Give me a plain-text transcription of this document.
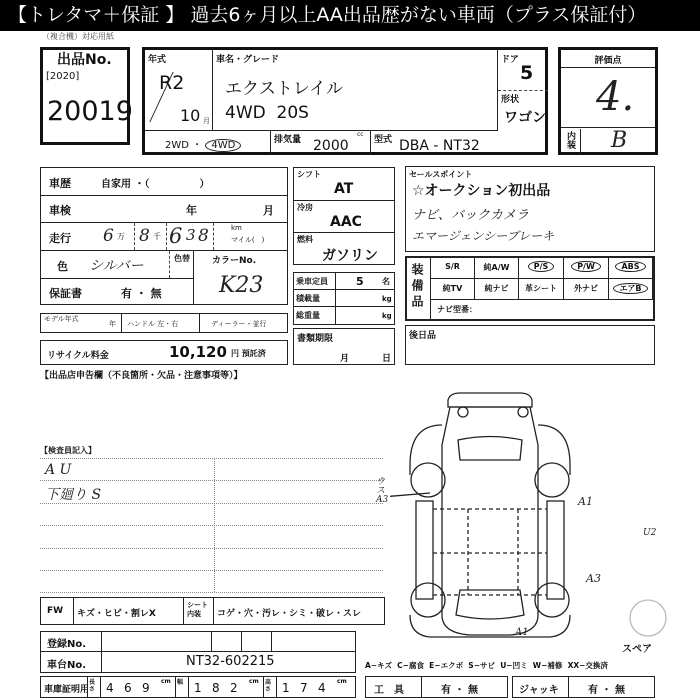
【トレタマ＋保証 】 過去6ヶ月以上AA出品歴がない車両（プラス保証付）
（複合機）対応用紙
出品No.
[2020]
20019
年式
R2
10 月
車名・グレード
エクストレイル
4WD  20S
ドア
5
形状
ワゴン
2WD ・ 4WD	排気量
cc
2000	型式 DBA - NT32
評価点
4.
内装 B
車歴	自家用 ・（　　　　　）
車検	年	月
走行 6 万 8 千 6 3 8	km
マイル(　)
色 シルバー	色替	カラーNo.
K23
保証書	有 ・ 無
モデル年式
年 ハンドル 左・右	ディーラー・並行
リサイクル料金	10,120 円 預託済
シフト
AT
冷房
AAC
燃料
ガソリン
乗車定員	5 名
積載量	kg
総重量	kg
書類期限
月	日
セールスポイント
☆オークション初出品
ナビ、バックカメラ
エマージェンシーブレーキ
装備品	S/R	純A/W	P/S	P/W	ABS
純TV	純ナビ	革シート	外ナビ	エアB
ナビ型番：
後日品
【出品店申告欄（不良箇所・欠品・注意事項等）】
【検査員記入】
A U
下廻り S
ウスA3	A1
U2
A3
A1
スペア
FW キズ・ヒビ・割レX
シート内装	コゲ・穴・汚レ・シミ・破レ・スレ
登録No.
車台No.	NT32-602215	A−キズ  C−腐食  E−エクボ  S−サビ  U−凹ミ  W−補修  XX−交換済
車庫証明用
長さ 4 6 9 cm	幅 1 8 2 cm	高さ 1 7 4 cm
工　具	有 ・ 無	ジャッキ	有 ・ 無
